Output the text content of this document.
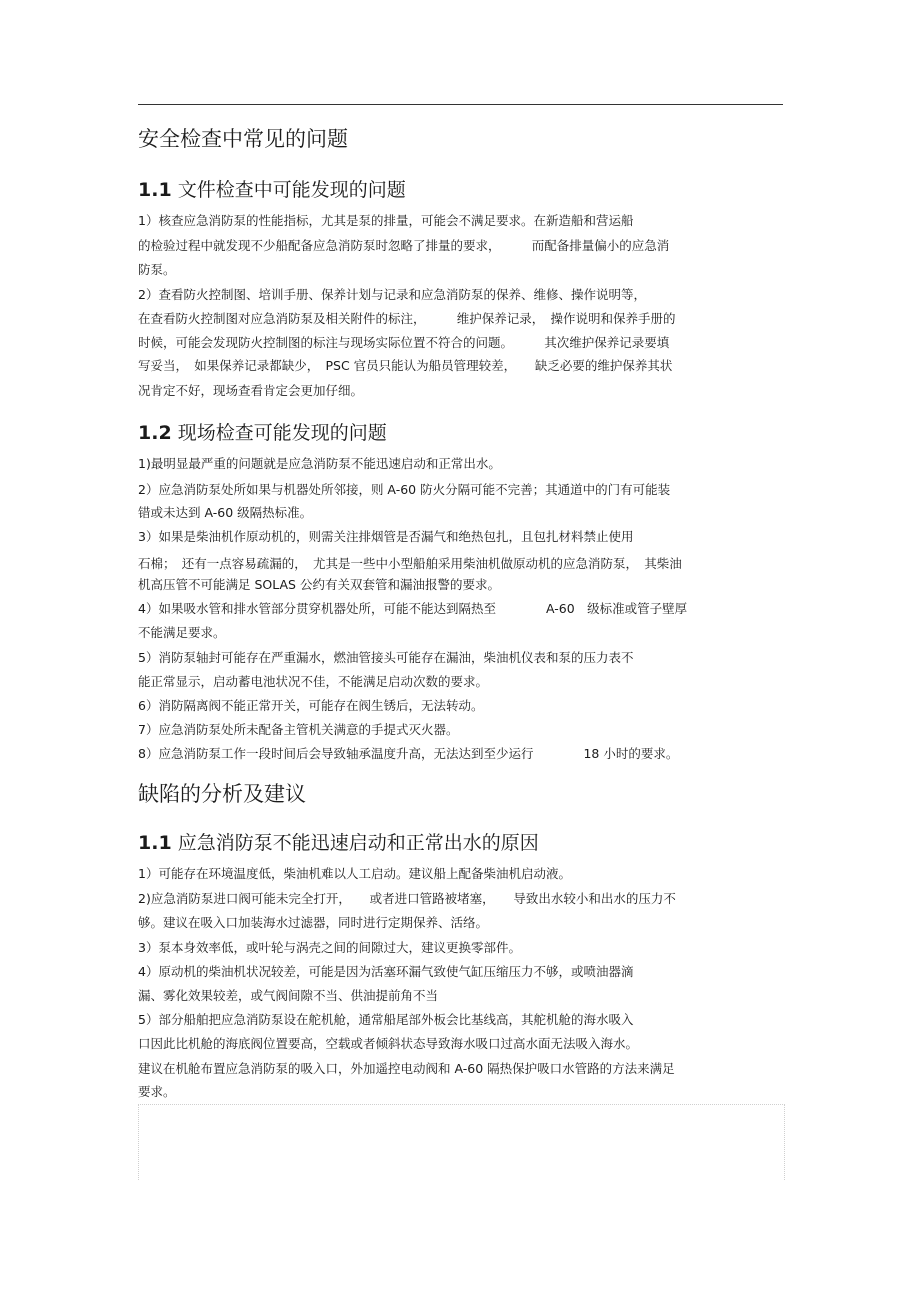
安全检查中常见的问题
1.1 文件检查中可能发现的问题

1）核查应急消防泵的性能指标，尤其是泵的排量，可能会不满足要求。在新造船和营运船

的检验过程中就发现不少船配备应急消防泵时忽略了排量的要求，　　　而配备排量偏小的应急消

防泵。

2）查看防火控制图、培训手册、保养计划与记录和应急消防泵的保养、维修、操作说明等，

在查看防火控制图对应急消防泵及相关附件的标注，　　　维护保养记录，　操作说明和保养手册的

时候，可能会发现防火控制图的标注与现场实际位置不符合的问题。　　　其次维护保养记录要填

写妥当，　如果保养记录都缺少，　PSC 官员只能认为船员管理较差，　　缺乏必要的维护保养其状

况肯定不好，现场查看肯定会更加仔细。

1.2 现场检查可能发现的问题

1)最明显最严重的问题就是应急消防泵不能迅速启动和正常出水。

2）应急消防泵处所如果与机器处所邻接，则 A-60 防火分隔可能不完善；其通道中的门有可能装

错或未达到 A-60 级隔热标准。

3）如果是柴油机作原动机的，则需关注排烟管是否漏气和绝热包扎，且包扎材料禁止使用

石棉；　还有一点容易疏漏的，　尤其是一些中小型船舶采用柴油机做原动机的应急消防泵，　其柴油

机高压管不可能满足 SOLAS 公约有关双套管和漏油报警的要求。

4）如果吸水管和排水管部分贯穿机器处所，可能不能达到隔热至　　　　A-60　级标准或管子壁厚

不能满足要求。

5）消防泵轴封可能存在严重漏水，燃油管接头可能存在漏油，柴油机仪表和泵的压力表不

能正常显示，启动蓄电池状况不佳，不能满足启动次数的要求。

6）消防隔离阀不能正常开关，可能存在阀生锈后，无法转动。

7）应急消防泵处所未配备主管机关满意的手提式灭火器。

8）应急消防泵工作一段时间后会导致轴承温度升高，无法达到至少运行　　　　18 小时的要求。

缺陷的分析及建议
1.1 应急消防泵不能迅速启动和正常出水的原因

1）可能存在环境温度低，柴油机难以人工启动。建议船上配备柴油机启动液。

2)应急消防泵进口阀可能未完全打开，　　或者进口管路被堵塞，　　导致出水较小和出水的压力不

够。建议在吸入口加装海水过滤器，同时进行定期保养、活络。

3）泵本身效率低，或叶轮与涡壳之间的间隙过大，建议更换零部件。

4）原动机的柴油机状况较差，可能是因为活塞环漏气致使气缸压缩压力不够，或喷油器滴

漏、雾化效果较差，或气阀间隙不当、供油提前角不当

5）部分船舶把应急消防泵设在舵机舱，通常船尾部外板会比基线高，其舵机舱的海水吸入

口因此比机舱的海底阀位置要高，空载或者倾斜状态导致海水吸口过高水面无法吸入海水。

建议在机舱布置应急消防泵的吸入口，外加遥控电动阀和 A-60 隔热保护吸口水管路的方法来满足

要求。
